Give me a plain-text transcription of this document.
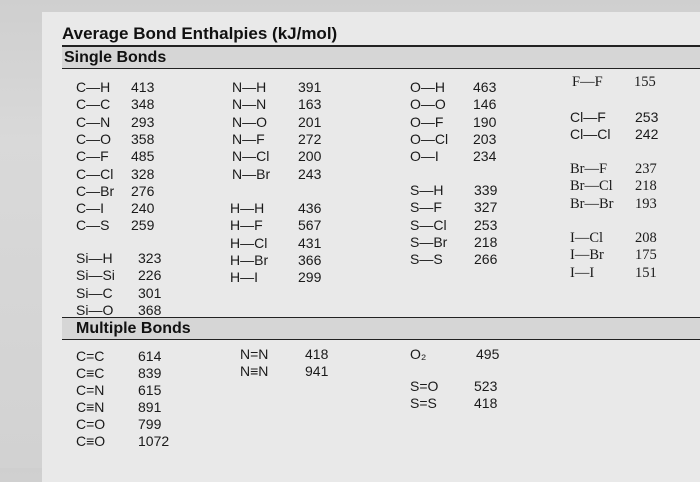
Average Bond Enthalpies (kJ/mol)
Single Bonds
Multiple Bonds
C—H 413
C—C 348
C—N 293
C—O 358
C—F 485
C—Cl 328
C—Br 276
C—I 240
C—S 259
Si—H 323
Si—Si 226
Si—C 301
Si—O 368
N—H 391
N—N 163
N—O 201
N—F 272
N—Cl 200
N—Br 243
H—H 436
H—F	567
H—Cl 431
H—Br 366
H—I	299
O—H 463
O—O 146
O—F 190
O—Cl 203
O—I 234
S—H 339
S—F 327
S—Cl 253
S—Br 218
S—S 266
F—F 155
Cl—F 253
Cl—Cl 242
Br—F 237
Br—Cl 218
Br—Br 193
I—Cl 208
I—Br 175
I—I	151
C=C 614
C≡C 839
C=N 615
C≡N 891
C=O 799
C≡O 1072
N=N	418
N≡N	941
O₂	495
S=O	523
S=S	418
